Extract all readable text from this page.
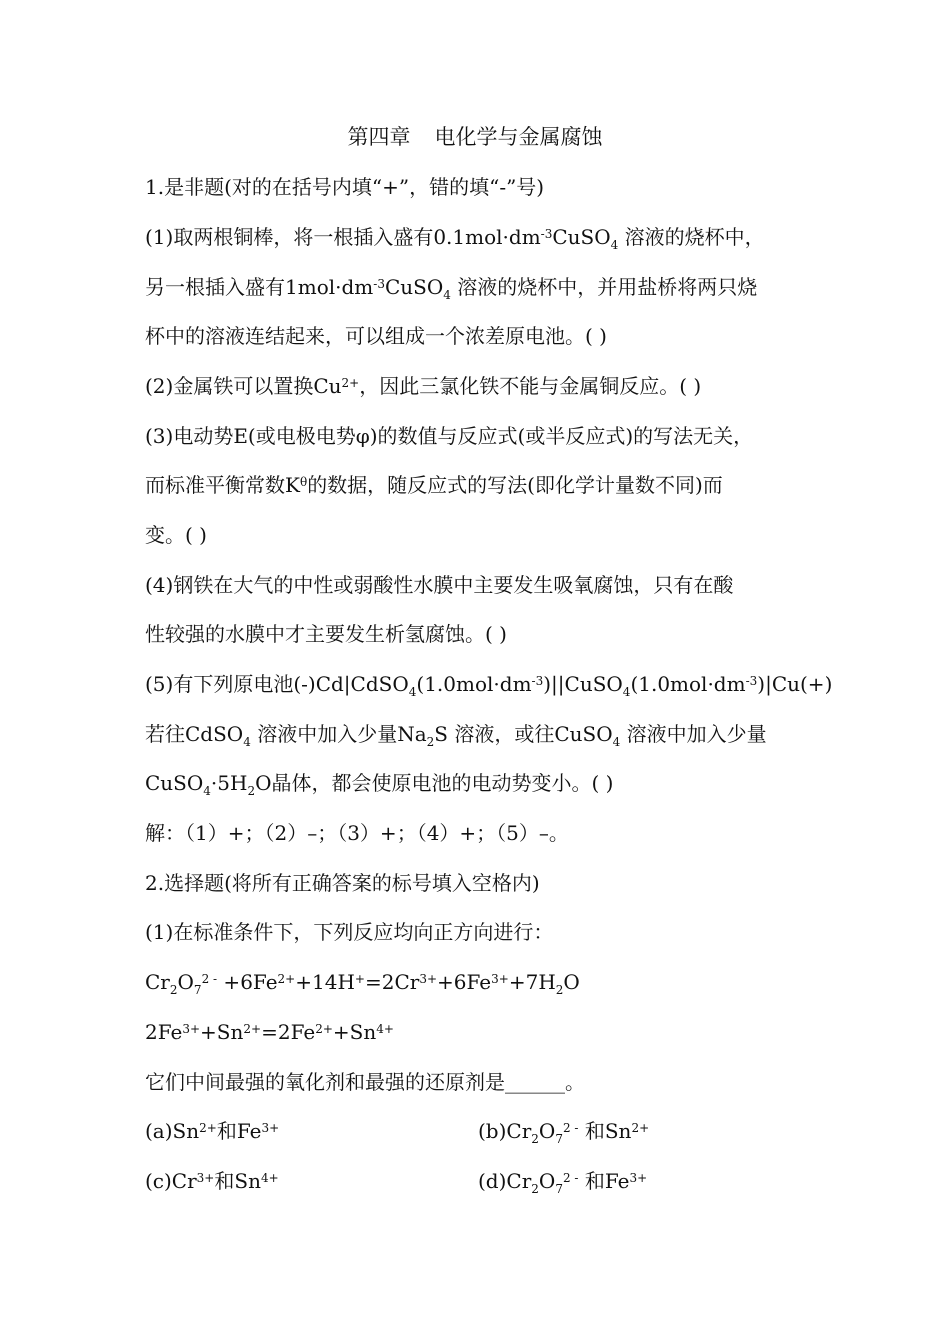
第四章 电化学与金属腐蚀
1.是非题(对的在括号内填“+”，错的填“-”号)
(1)取两根铜棒，将一根插入盛有$0.1mol\cdot dm^{-3}CuSO_4$ 溶液的烧杯中，
另一根插入盛有$1mol\cdot dm^{-3}CuSO_4$ 溶液的烧杯中，并用盐桥将两只烧
杯中的溶液连结起来，可以组成一个浓差原电池。( )
(2)金属铁可以置换$Cu^{2+}$，因此三氯化铁不能与金属铜反应。( )
(3)电动势E(或电极电势φ)的数值与反应式(或半反应式)的写法无关，
而标准平衡常数$K^\theta$的数据，随反应式的写法(即化学计量数不同)而
变。( )
(4)钢铁在大气的中性或弱酸性水膜中主要发生吸氧腐蚀，只有在酸
性较强的水膜中才主要发生析氢腐蚀。( )
(5)有下列原电池$(-)Cd|CdSO_4(1.0mol\cdot dm^{-3})||CuSO_4(1.0mol\cdot dm^{-3})|Cu(+)$
若往CdSO$_4$ 溶液中加入少量$Na_2S$ 溶液，或往CuSO$_4$ 溶液中加入少量
$CuSO_4\cdot 5H_2O$晶体，都会使原电池的电动势变小。( )
解：（1）+；（2）–；（3）+；（4）+；（5）–。
2.选择题(将所有正确答案的标号填入空格内)
(1)在标准条件下，下列反应均向正方向进行：
$Cr_2O_7^{2 -} +6Fe^{2+}+14H^+=2Cr^{3+}+6Fe^{3+}+7H_2O$
$2Fe^{3+}+Sn^{2+}=2Fe^{2+}+Sn^{4+}$
它们中间最强的氧化剂和最强的还原剂是______。
$(a)Sn^{2+}$和$Fe^{3+}$	$(b)Cr_2O_7^{2 -}$ 和$Sn^{2+}$
$(c)Cr^{3+}$和$Sn^{4+}$	$(d)Cr_2O_7^{2 -}$ 和$Fe^{3+}$
